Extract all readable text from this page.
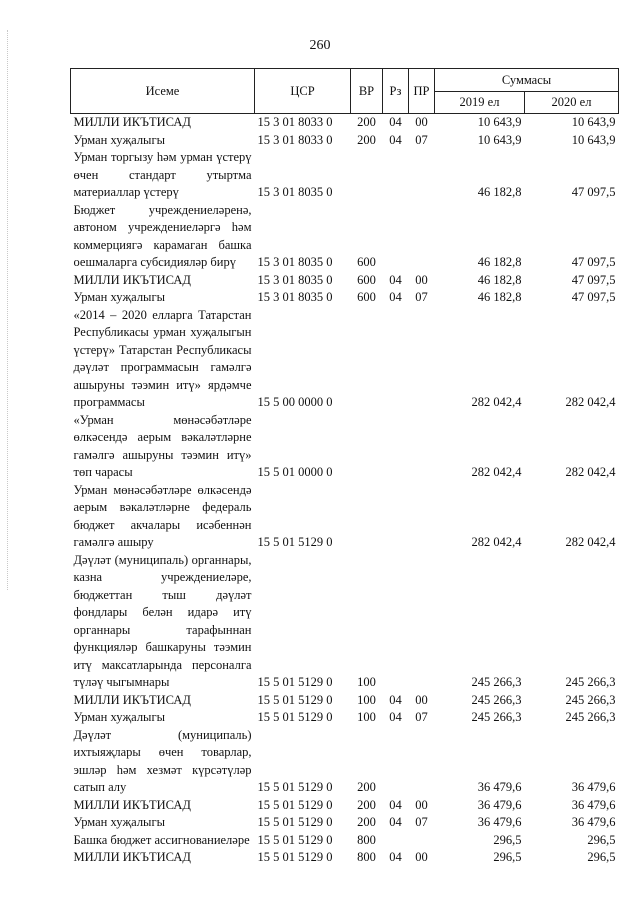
260
Исеме	ЦСР	ВР	Рз	ПР	Суммасы	
					2019 ел	2020 ел
МИЛЛИ ИКЪТИСАД	15 3 01 8033 0	200	04	00	10 643,9	10 643,9
Урман хуҗалыгы	15 3 01 8033 0	200	04	07	10 643,9	10 643,9
Урман торгызу һәм урман үстерү өчен стандарт утыртма материаллар үстерү	15 3 01 8035 0				46 182,8	47 097,5
Бюджет учреждениеләренә, автоном учреждениеләргә һәм коммерциягә карамаган башка оешмаларга субсидияләр бирү	15 3 01 8035 0	600			46 182,8	47 097,5
МИЛЛИ ИКЪТИСАД	15 3 01 8035 0	600	04	00	46 182,8	47 097,5
Урман хуҗалыгы	15 3 01 8035 0	600	04	07	46 182,8	47 097,5
«2014 – 2020 елларга Татарстан Республикасы урман хуҗалыгын үстерү» Татарстан Республикасы дәүләт программасын гамәлгә ашыруны тәэмин итү» ярдәмче программасы	15 5 00 0000 0				282 042,4	282 042,4
«Урман мөнәсәбәтләре өлкәсендә аерым вәкаләтләрне гамәлгә ашыруны тәэмин итү» төп чарасы	15 5 01 0000 0				282 042,4	282 042,4
Урман мөнәсәбәтләре өлкәсендә аерым вәкаләтләрне федераль бюджет акчалары исәбеннән гамәлгә ашыру	15 5 01 5129 0				282 042,4	282 042,4
Дәүләт (муниципаль) органнары, казна учреждениеләре, бюджеттан тыш дәүләт фондлары белән идарә итү органнары тарафыннан функцияләр башкаруны тәэмин итү максатларында персоналга түләү чыгымнары	15 5 01 5129 0	100			245 266,3	245 266,3
МИЛЛИ ИКЪТИСАД	15 5 01 5129 0	100	04	00	245 266,3	245 266,3
Урман хуҗалыгы	15 5 01 5129 0	100	04	07	245 266,3	245 266,3
Дәүләт (муниципаль) ихтыяҗлары өчен товарлар, эшләр һәм хезмәт күрсәтүләр сатып алу	15 5 01 5129 0	200			36 479,6	36 479,6
МИЛЛИ ИКЪТИСАД	15 5 01 5129 0	200	04	00	36 479,6	36 479,6
Урман хуҗалыгы	15 5 01 5129 0	200	04	07	36 479,6	36 479,6
Башка бюджет ассигнованиеләре	15 5 01 5129 0	800			296,5	296,5
МИЛЛИ ИКЪТИСАД	15 5 01 5129 0	800	04	00	296,5	296,5
